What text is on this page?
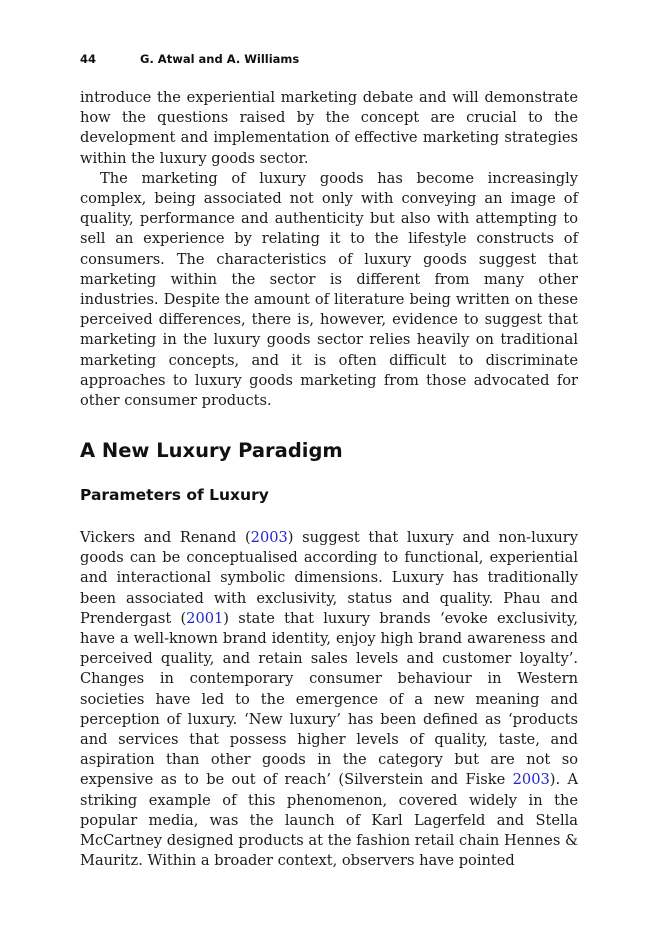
44	G. Atwal and A. Williams

introduce the experiential marketing debate and will demonstrate how the questions raised by the concept are crucial to the development and implementation of effective marketing strategies within the luxury goods sector.

The marketing of luxury goods has become increasingly complex, being associated not only with conveying an image of quality, performance and authenticity but also with attempting to sell an experience by relating it to the lifestyle constructs of consumers. The characteristics of luxury goods suggest that marketing within the sector is different from many other industries. Despite the amount of literature being written on these perceived differences, there is, however, evidence to suggest that marketing in the luxury goods sector relies heavily on traditional marketing concepts, and it is often difficult to discriminate approaches to luxury goods marketing from those advocated for other consumer products.

A New Luxury Paradigm
Parameters of Luxury

Vickers and Renand (2003) suggest that luxury and non-luxury goods can be conceptualised according to functional, experiential and interactional symbolic dimensions. Luxury has traditionally been associated with exclusivity, status and quality. Phau and Prendergast (2001) state that luxury brands ‘evoke exclusivity, have a well-known brand identity, enjoy high brand awareness and perceived quality, and retain sales levels and customer loyalty’. Changes in contemporary consumer behaviour in Western societies have led to the emergence of a new meaning and perception of luxury. ‘New luxury’ has been defined as ‘products and services that possess higher levels of quality, taste, and aspiration than other goods in the category but are not so expensive as to be out of reach’ (Silverstein and Fiske 2003). A striking example of this phenomenon, covered widely in the popular media, was the launch of Karl Lagerfeld and Stella McCartney designed products at the fashion retail chain Hennes & Mauritz. Within a broader context, observers have pointed
